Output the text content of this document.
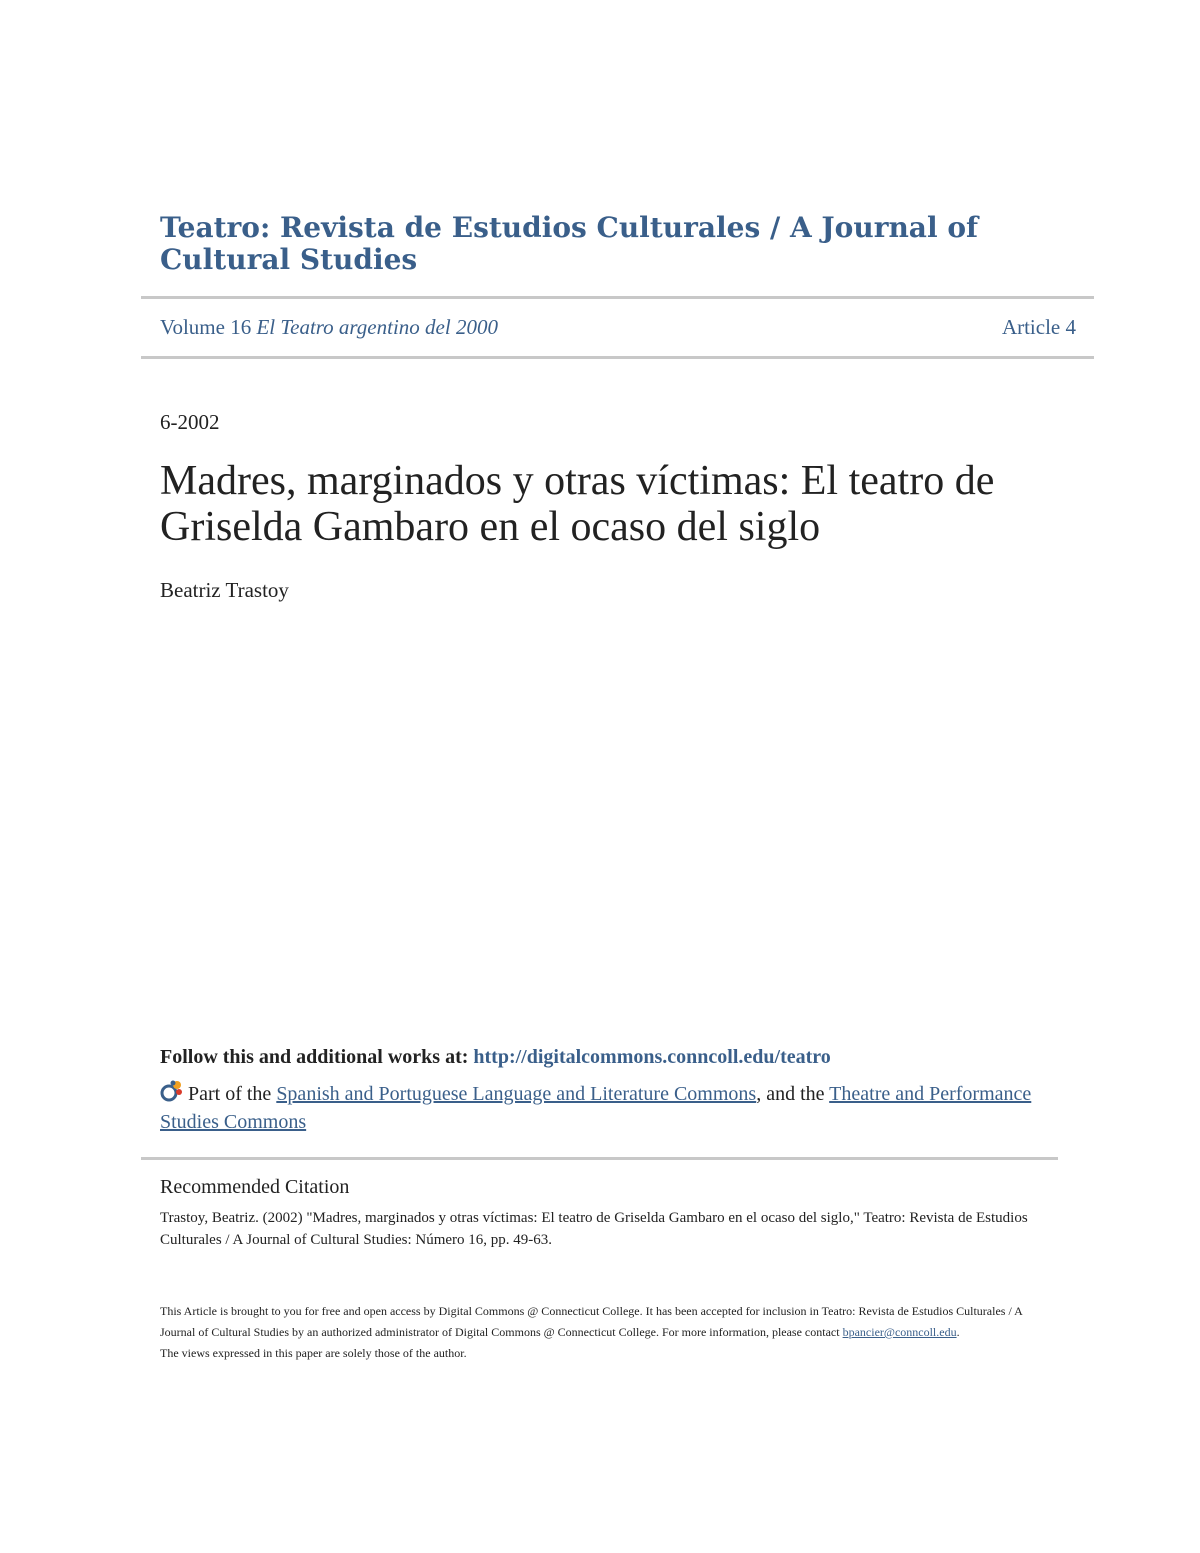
Teatro: Revista de Estudios Culturales / A Journal of Cultural Studies
Volume 16 El Teatro argentino del 2000	Article 4
6-2002
Madres, marginados y otras víctimas: El teatro de Griselda Gambaro en el ocaso del siglo
Beatriz Trastoy
Follow this and additional works at: http://digitalcommons.conncoll.edu/teatro
Part of the Spanish and Portuguese Language and Literature Commons, and the Theatre and Performance Studies Commons
Recommended Citation
Trastoy, Beatriz. (2002) "Madres, marginados y otras víctimas: El teatro de Griselda Gambaro en el ocaso del siglo," Teatro: Revista de Estudios Culturales / A Journal of Cultural Studies: Número 16, pp. 49-63.

This Article is brought to you for free and open access by Digital Commons @ Connecticut College. It has been accepted for inclusion in Teatro: Revista de Estudios Culturales / A Journal of Cultural Studies by an authorized administrator of Digital Commons @ Connecticut College. For more information, please contact bpancier@conncoll.edu.

The views expressed in this paper are solely those of the author.
